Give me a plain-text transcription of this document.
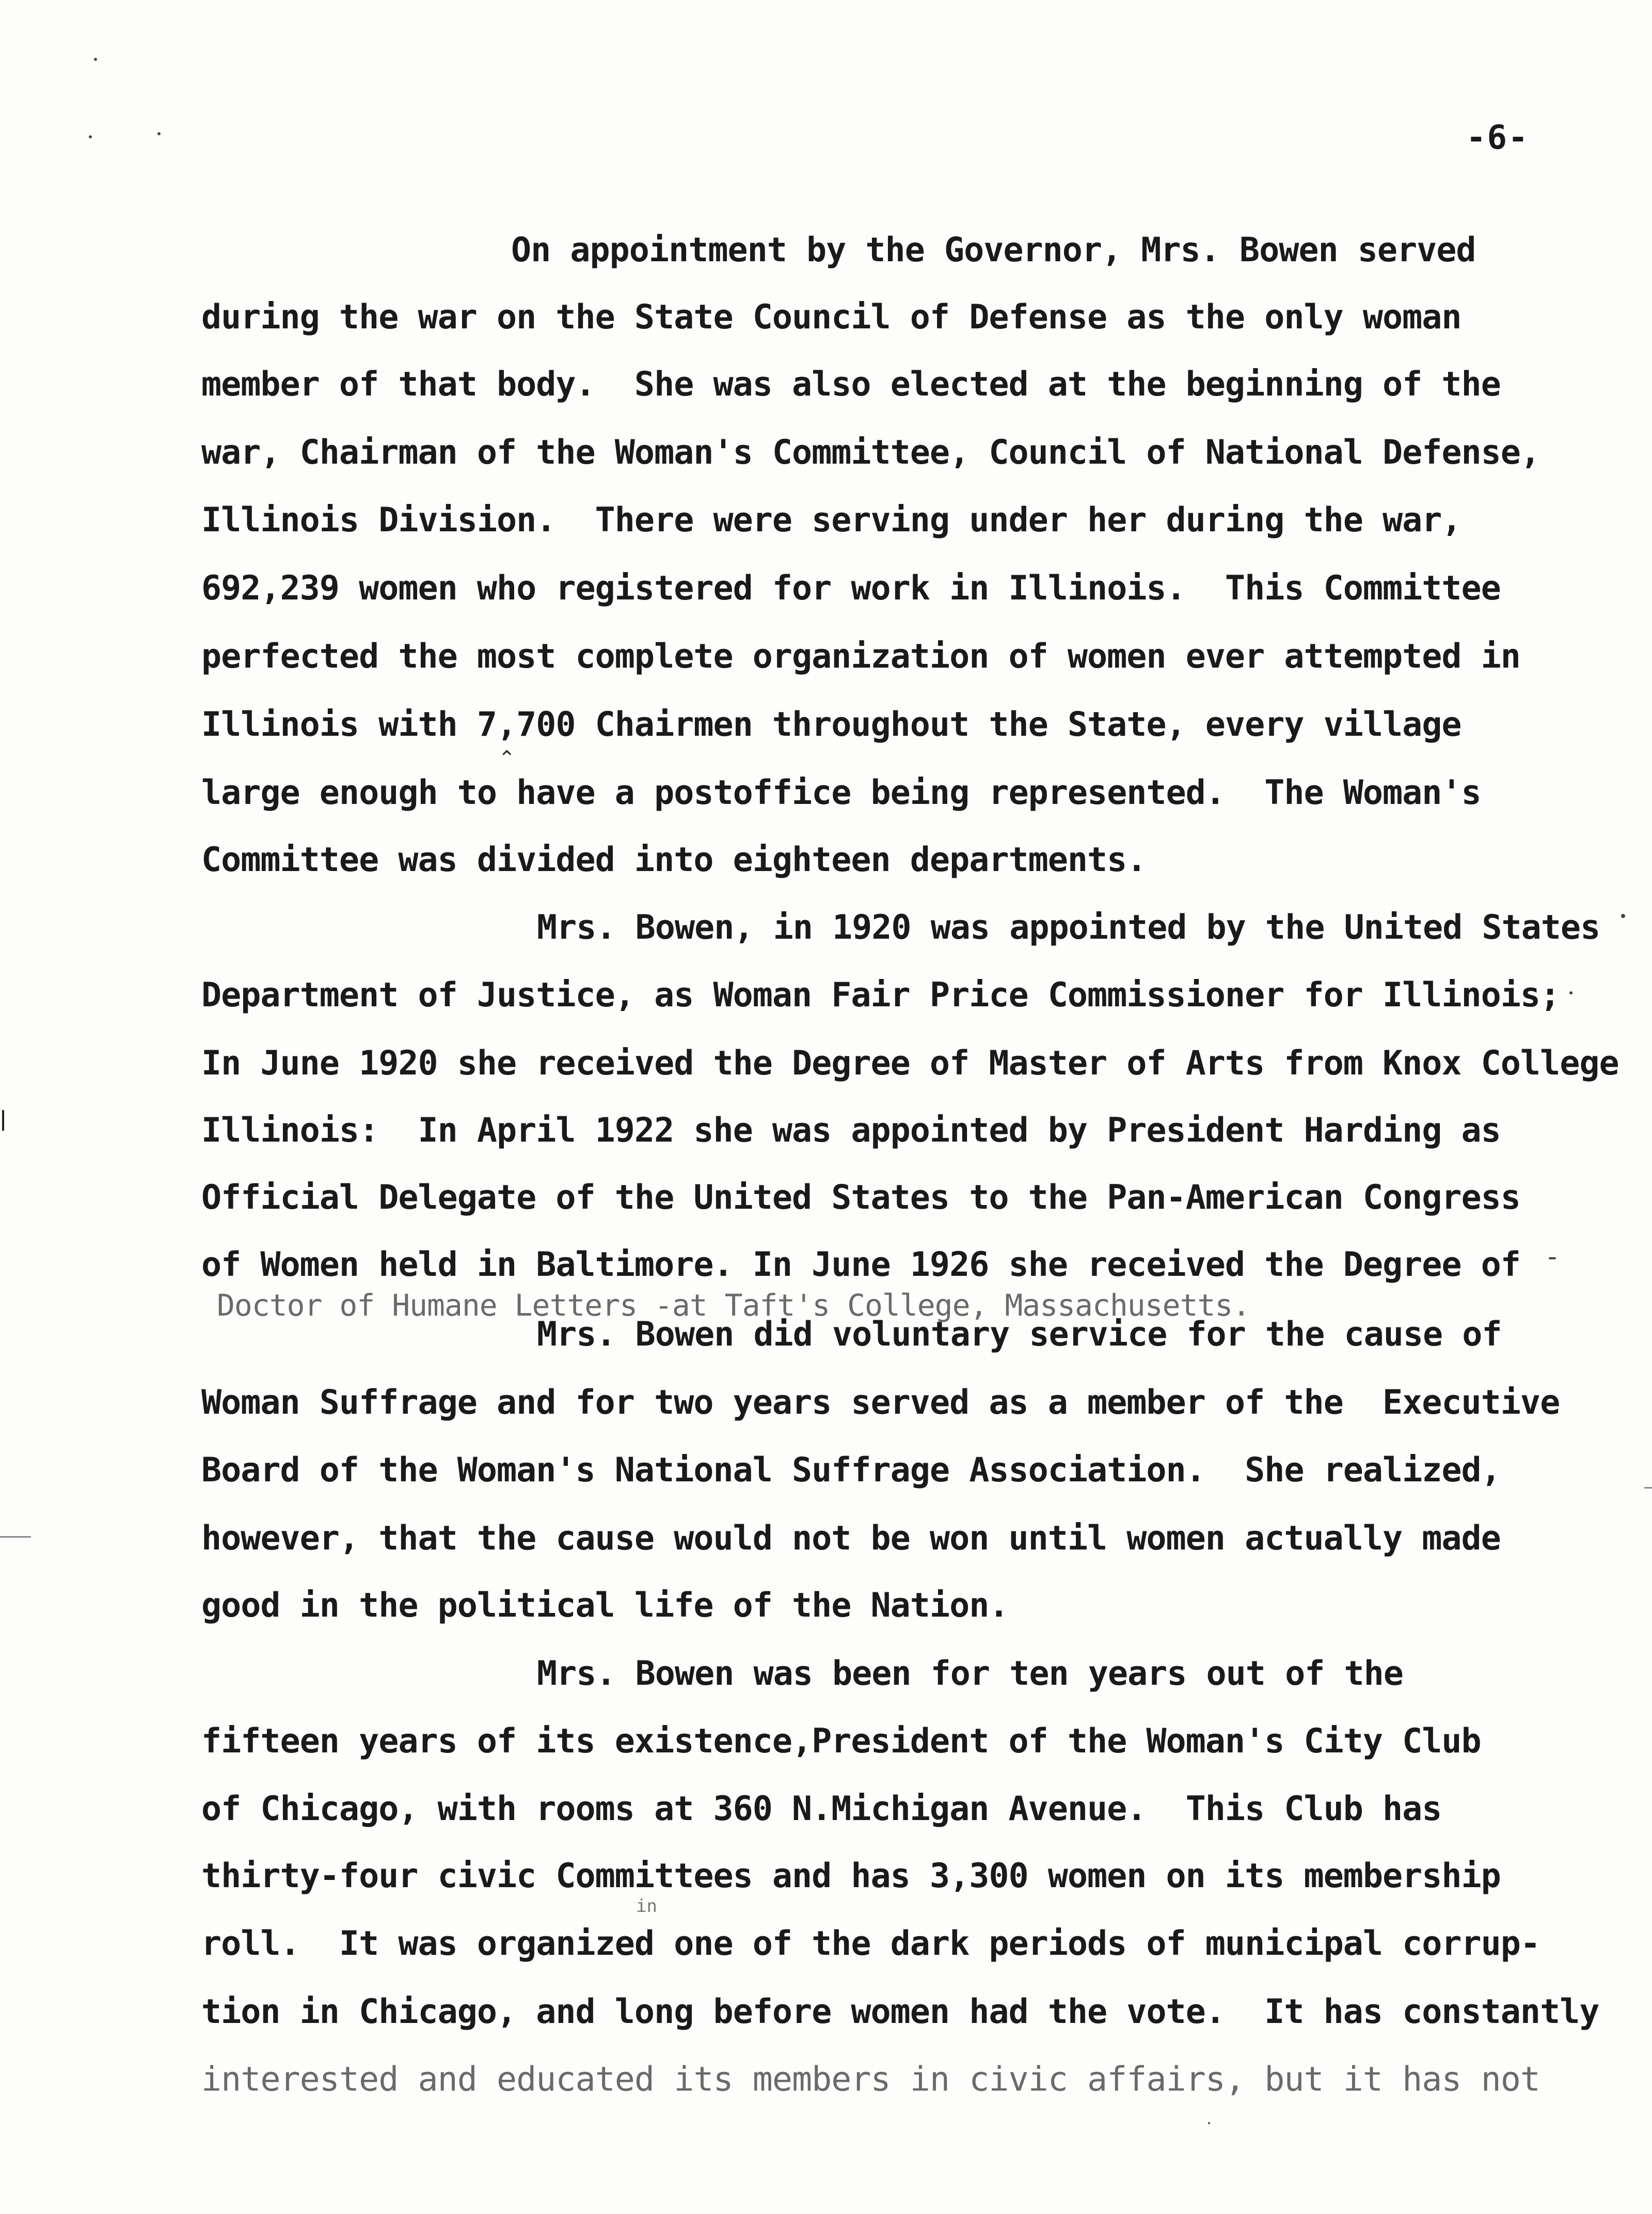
-6-
On appointment by the Governor, Mrs. Bowen served
during the war on the State Council of Defense as the only woman
member of that body.  She was also elected at the beginning of the
war, Chairman of the Woman's Committee, Council of National Defense,
Illinois Division.  There were serving under her during the war,
692,239 women who registered for work in Illinois.  This Committee
perfected the most complete organization of women ever attempted in
Illinois with 7,700 Chairmen throughout the State, every village
⌃
large enough to have a postoffice being represented.  The Woman's
Committee was divided into eighteen departments.
Mrs. Bowen, in 1920 was appointed by the United States
Department of Justice, as Woman Fair Price Commissioner for Illinois;
In June 1920 she received the Degree of Master of Arts from Knox College
Illinois:  In April 1922 she was appointed by President Harding as
Official Delegate of the United States to the Pan-American Congress
of Women held in Baltimore. In June 1926 she received the Degree of
Doctor of Humane Letters -at Taft's College, Massachusetts.
Mrs. Bowen did voluntary service for the cause of
Woman Suffrage and for two years served as a member of the  Executive
Board of the Woman's National Suffrage Association.  She realized,
however, that the cause would not be won until women actually made
good in the political life of the Nation.
Mrs. Bowen was been for ten years out of the
fifteen years of its existence,President of the Woman's City Club
of Chicago, with rooms at 360 N.Michigan Avenue.  This Club has
thirty-four civic Committees and has 3,300 women on its membership
in
roll.  It was organized one of the dark periods of municipal corrup-
tion in Chicago, and long before women had the vote.  It has constantly
interested and educated its members in civic affairs, but it has not
